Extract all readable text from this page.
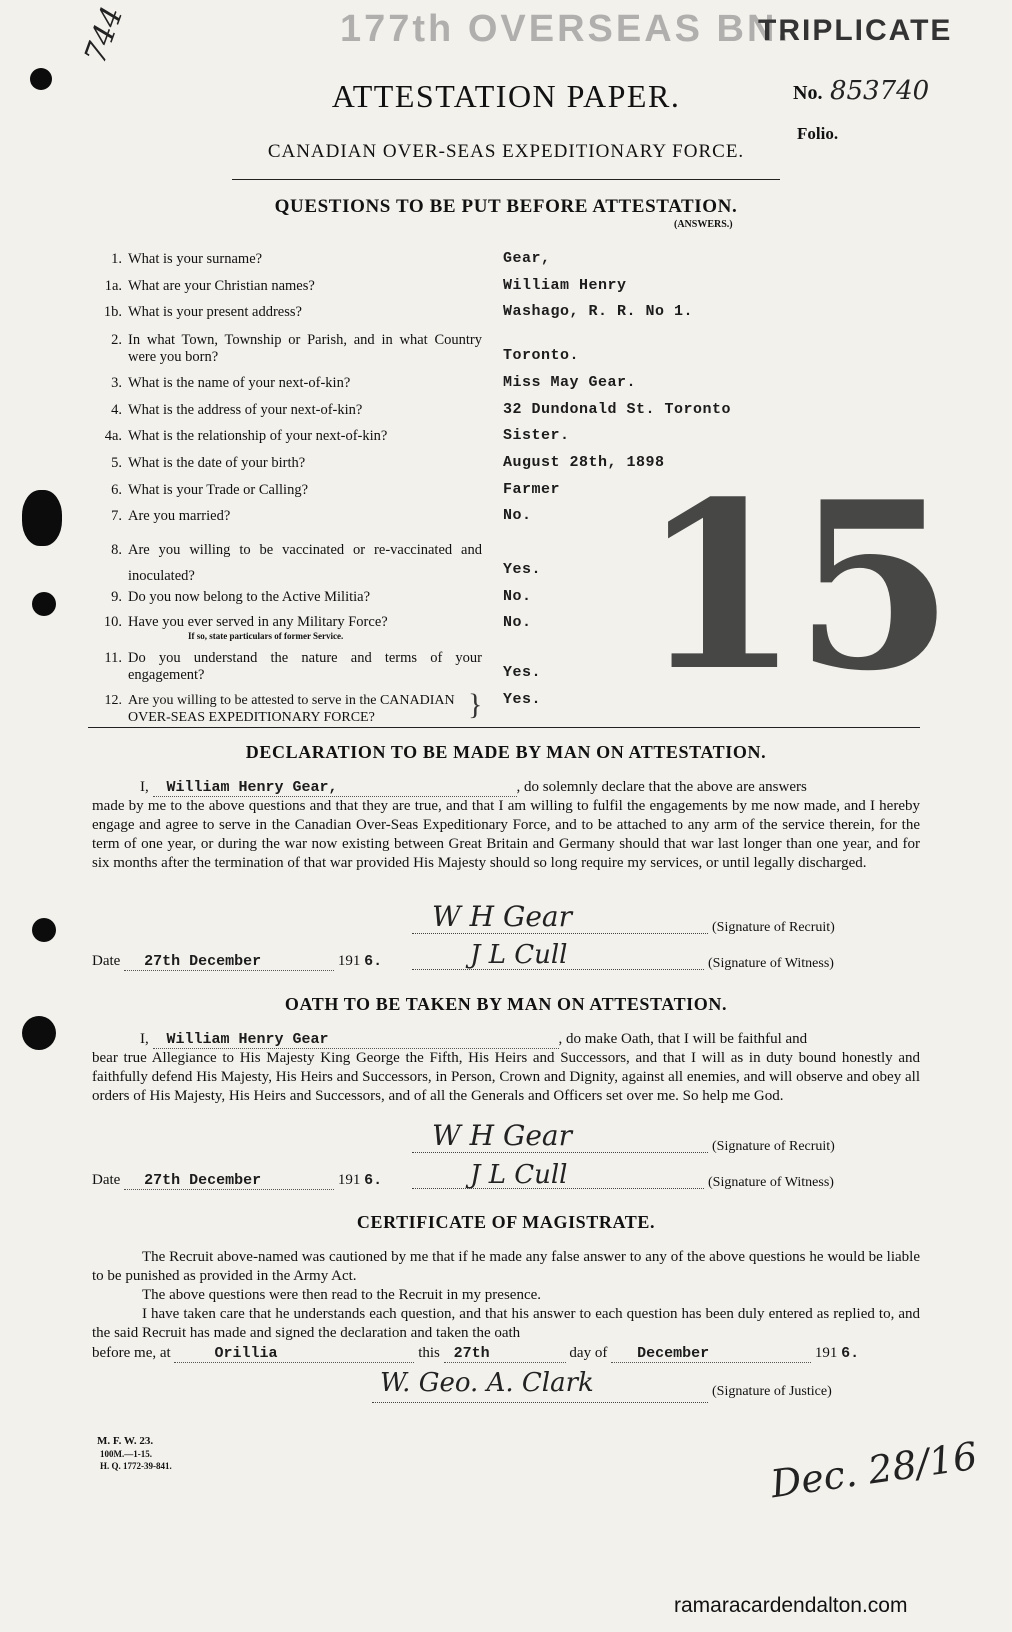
744	177th OVERSEAS BN.
TRIPLICATE
ATTESTATION PAPER.	No. 853740
Folio.
CANADIAN OVER-SEAS EXPEDITIONARY FORCE.
QUESTIONS TO BE PUT BEFORE ATTESTATION.
(ANSWERS.)
1. What is your surname?	Gear,
1a. What are your Christian names?	William Henry
1b. What is your present address?	Washago, R. R. No 1.
2. In what Town, Township or Parish, and in what Country were you born?	Toronto.
3. What is the name of your next-of-kin?	Miss May Gear.
4. What is the address of your next-of-kin?	32 Dundonald St. Toronto
4a. What is the relationship of your next-of-kin?	Sister.
5. What is the date of your birth?	August 28th, 1898
6. What is your Trade or Calling?	Farmer
7. Are you married?	No.
8. Are you willing to be vaccinated or re-vaccinated and inoculated?	Yes.
9. Do you now belong to the Active Militia?	No.
10. Have you ever served in any Military Force?
If so, state particulars of former Service.
No.
11. Do you understand the nature and terms of your engagement?	Yes.
12. Are you willing to be attested to serve in the CANADIAN OVER-SEAS EXPEDITIONARY FORCE?	} Yes. 15
DECLARATION TO BE MADE BY MAN ON ATTESTATION.
I, William Henry Gear,	, do solemnly declare that the above are answers
made by me to the above questions and that they are true, and that I am willing to fulfil the engagements by me now made, and I hereby engage and agree to serve in the Canadian Over-Seas Expeditionary Force, and to be attached to any arm of the service therein, for the term of one year, or during the war now existing between Great Britain and Germany should that war last longer than one year, and for six months after the termination of that war provided His Majesty should so long require my services, or until legally discharged.
W H Gear	(Signature of Recruit)
Date 27th December	191 6.	J L Cull	(Signature of Witness)
OATH TO BE TAKEN BY MAN ON ATTESTATION.
I, William Henry Gear	, do make Oath, that I will be faithful and
bear true Allegiance to His Majesty King George the Fifth, His Heirs and Successors, and that I will as in duty bound honestly and faithfully defend His Majesty, His Heirs and Successors, in Person, Crown and Dignity, against all enemies, and will observe and obey all orders of His Majesty, His Heirs and Successors, and of all the Generals and Officers set over me. So help me God.
W H Gear	(Signature of Recruit)
Date 27th December	191 6.	J L Cull	(Signature of Witness)
CERTIFICATE OF MAGISTRATE.
The Recruit above-named was cautioned by me that if he made any false answer to any of the above questions he would be liable to be punished as provided in the Army Act.
The above questions were then read to the Recruit in my presence.
I have taken care that he understands each question, and that his answer to each question has been duly entered as replied to, and the said Recruit has made and signed the declaration and taken the oath
before me, at	Orillia	this 27th	day of December	191 6.
W. Geo. A. Clark	(Signature of Justice)
M. F. W. 23.
100M.—1-15.
H. Q. 1772-39-841.	Dec. 28/16
ramaracardendalton.com
